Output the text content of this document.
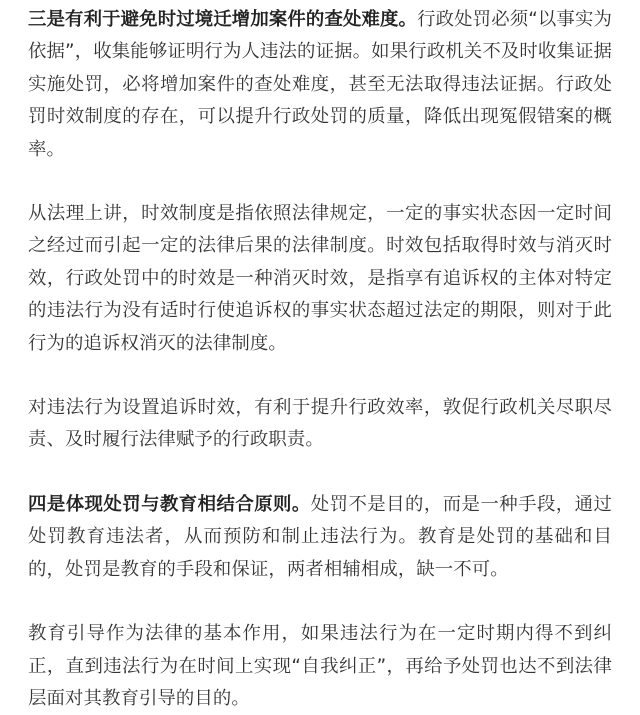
三是有利于避免时过境迁增加案件的查处难度。行政处罚必须“以事实为依据”，收集能够证明行为人违法的证据。如果行政机关不及时收集证据实施处罚，必将增加案件的查处难度，甚至无法取得违法证据。行政处罚时效制度的存在，可以提升行政处罚的质量，降低出现冤假错案的概率。

从法理上讲，时效制度是指依照法律规定，一定的事实状态因一定时间之经过而引起一定的法律后果的法律制度。时效包括取得时效与消灭时效，行政处罚中的时效是一种消灭时效，是指享有追诉权的主体对特定的违法行为没有适时行使追诉权的事实状态超过法定的期限，则对于此行为的追诉权消灭的法律制度。

对违法行为设置追诉时效，有利于提升行政效率，敦促行政机关尽职尽责、及时履行法律赋予的行政职责。

四是体现处罚与教育相结合原则。处罚不是目的，而是一种手段，通过处罚教育违法者，从而预防和制止违法行为。教育是处罚的基础和目的，处罚是教育的手段和保证，两者相辅相成，缺一不可。

教育引导作为法律的基本作用，如果违法行为在一定时期内得不到纠正，直到违法行为在时间上实现“自我纠正”，再给予处罚也达不到法律层面对其教育引导的目的。
